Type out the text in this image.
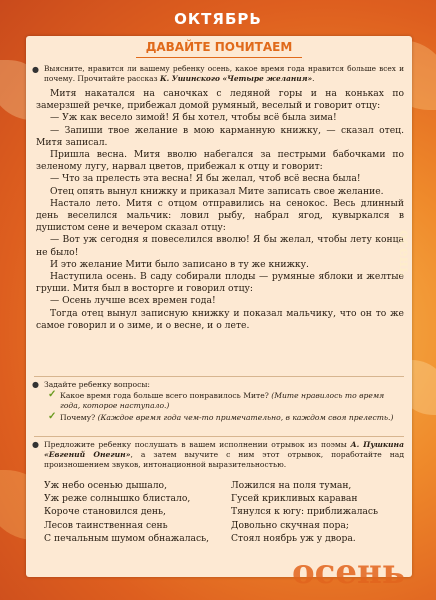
ОКТЯБРЬ
ДАВАЙТЕ ПОЧИТАЕМ
● Выясните, нравится ли вашему ребенку осень, какое время года нравится больше всех и почему. Прочитайте рассказ К. Ушинского «Четыре желания».

Митя накатался на саночках с ледяной горы и на коньках по замерзшей речке, прибежал домой румяный, веселый и говорит отцу:

— Уж как весело зимой! Я бы хотел, чтобы всё была зима!

— Запиши твое желание в мою карманную книжку, — сказал отец. Митя записал.

Пришла весна. Митя вволю набегался за пестрыми бабочками по зеленому лугу, нарвал цветов, прибежал к отцу и говорит:

— Что за прелесть эта весна! Я бы желал, чтоб всё весна была!

Отец опять вынул книжку и приказал Мите записать свое желание.

Настало лето. Митя с отцом отправились на сенокос. Весь длинный день веселился мальчик: ловил рыбу, набрал ягод, кувыркался в душистом сене и вечером сказал отцу:

— Вот уж сегодня я повеселился вволю! Я бы желал, чтобы лету конца не было!

И это желание Мити было записано в ту же книжку.

Наступила осень. В саду собирали плоды — румяные яблоки и желтые груши. Митя был в восторге и говорил отцу:

— Осень лучше всех времен года!

Тогда отец вынул записную книжку и показал мальчику, что он то же самое говорил и о зиме, и о весне, и о лете.

● Задайте ребенку вопросы:
✓ Какое время года больше всего понравилось Мите? (Мите нравилось то время года, которое наступало.)
✓ Почему? (Каждое время года чем-то примечательно, в каждом своя прелесть.)
● Предложите ребенку послушать в вашем исполнении отрывок из поэмы А. Пушкина «Евгений Онегин», а затем выучите с ним этот отрывок, поработайте над произношением звуков, интонационной выразительностью.
Уж небо осенью дышало,
Уж реже солнышко блистало,
Короче становился день,
Лесов таинственная сень
С печальным шумом обнажалась,
Ложился на поля туман,
Гусей крикливых караван
Тянулся к югу: приближалась
Довольно скучная пора;
Стоял ноябрь уж у двора.
осень
осень
